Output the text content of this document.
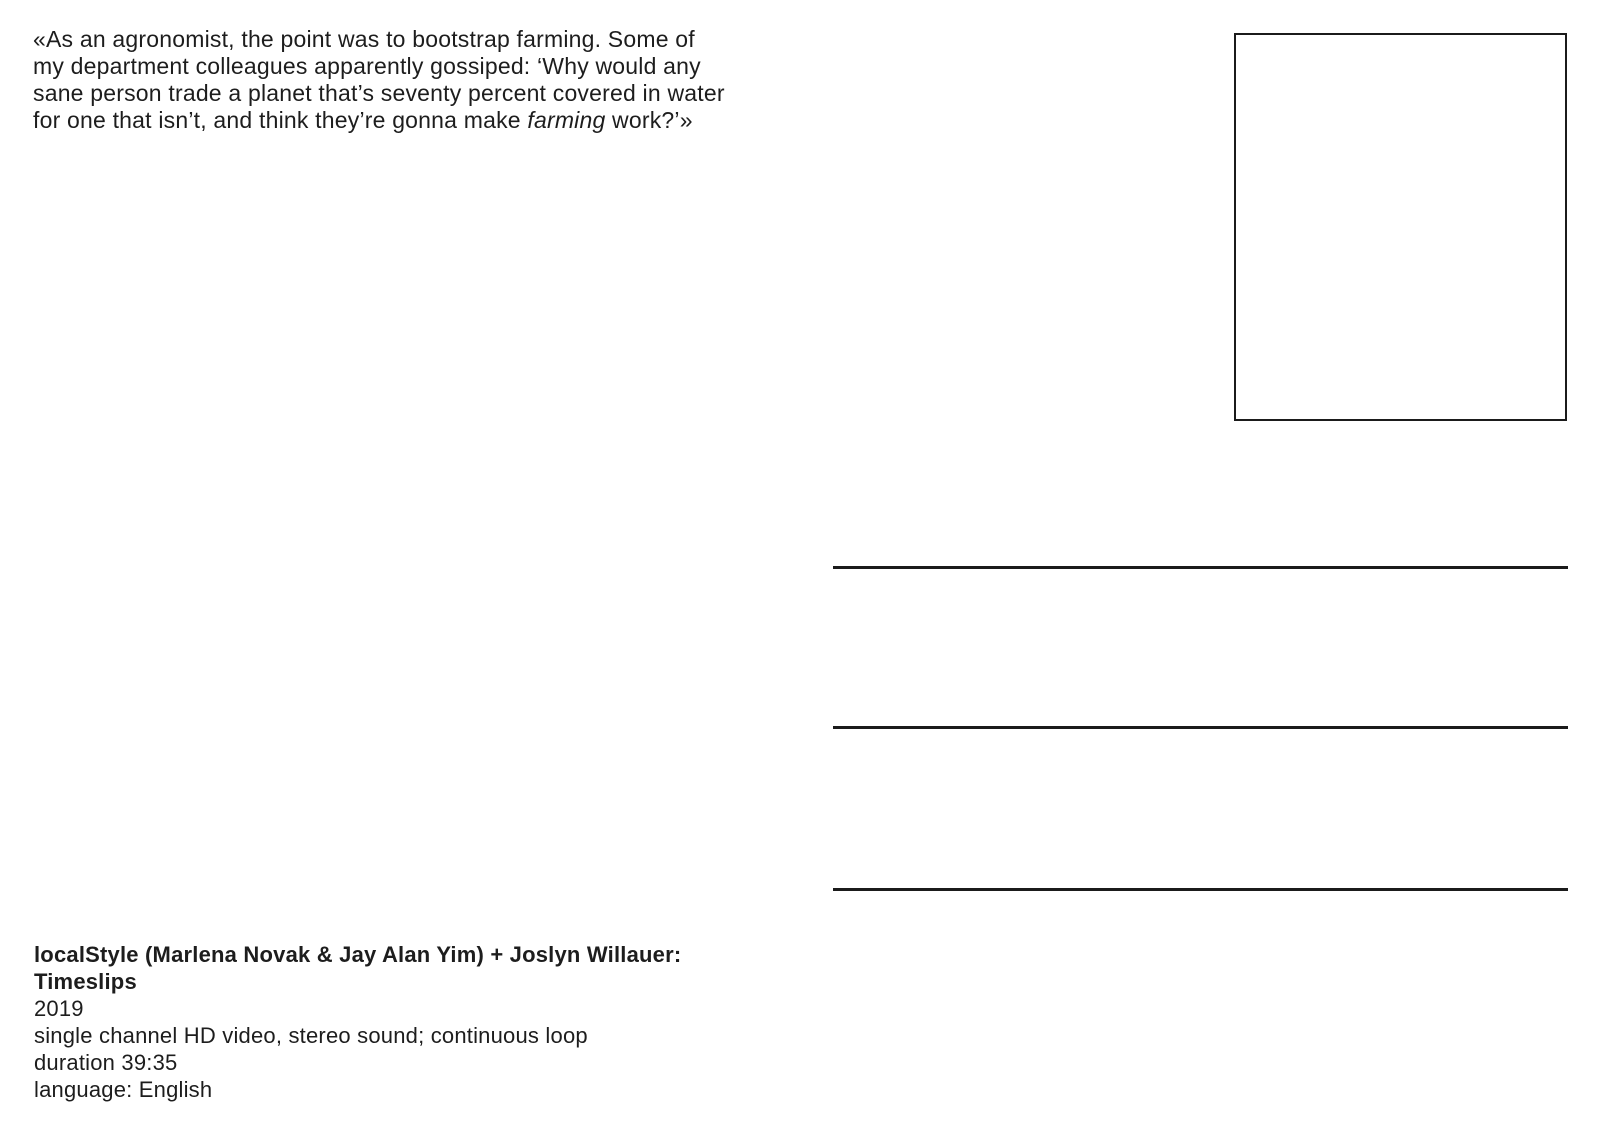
«As an agronomist, the point was to bootstrap farming. Some of
my department colleagues apparently gossiped: ‘Why would any
sane person trade a planet that’s seventy percent covered in water
for one that isn’t, and think they’re gonna make farming work?’»
localStyle (Marlena Novak & Jay Alan Yim) + Joslyn Willauer:
Timeslips
2019
single channel HD video, stereo sound; continuous loop
duration 39:35
language: English
